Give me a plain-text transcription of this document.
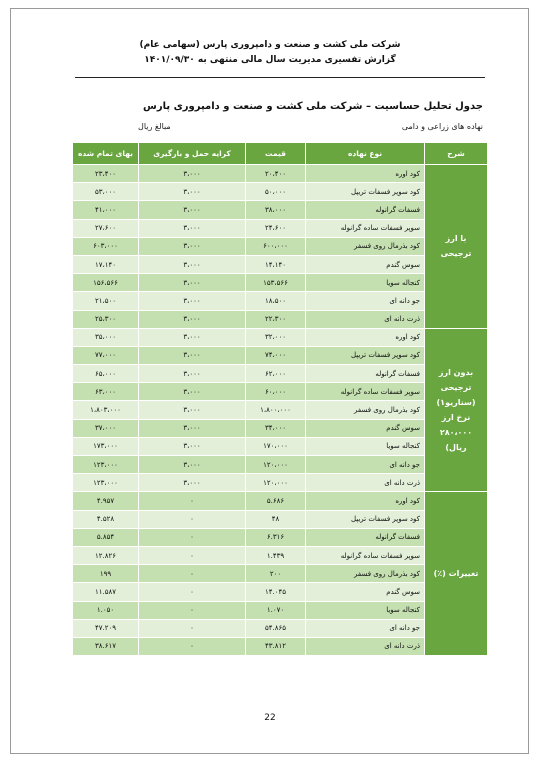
شرکت ملی کشت و صنعت و دامپروری پارس (سهامی عام)
گزارش تفسیری مدیریت سال مالی منتهی به ۱۴۰۱/۰۹/۳۰
جدول تحلیل حساسیت – شرکت ملی کشت و صنعت و دامپروری پارس
نهاده های زراعی و دامی
مبالغ ریال
شرح	نوع نهاده	قیمت	کرایه حمل و بارگیری	بهای تمام شده
با ارز ترجیحی	کود اوره	۲۰،۴۰۰	۳،۰۰۰	۲۳،۴۰۰
	کود سوپر فسفات تریپل	۵۰،۰۰۰	۳،۰۰۰	۵۳،۰۰۰
	فسفات گرانوله	۳۸،۰۰۰	۳،۰۰۰	۴۱،۰۰۰
	سوپر فسفات ساده گرانوله	۲۴،۶۰۰	۳،۰۰۰	۲۷،۶۰۰
	کود بذرمال روی فسفر	۶۰۰،۰۰۰	۳،۰۰۰	۶۰۳،۰۰۰
	سوس گندم	۱۴،۱۴۰	۳،۰۰۰	۱۷،۱۴۰
	کنجاله سویا	۱۵۳،۵۶۶	۳،۰۰۰	۱۵۶،۵۶۶
	جو دانه ای	۱۸،۵۰۰	۳،۰۰۰	۲۱،۵۰۰
	ذرت دانه ای	۲۲،۳۰۰	۳،۰۰۰	۲۵،۳۰۰
بدون ارز ترجیحی (سناریو۱) نرخ ارز ۲۸۰،۰۰۰ ریال)	کود اوره	۳۲،۰۰۰	۳،۰۰۰	۳۵،۰۰۰
	کود سوپر فسفات تریپل	۷۴،۰۰۰	۳،۰۰۰	۷۷،۰۰۰
	فسفات گرانوله	۶۲،۰۰۰	۳،۰۰۰	۶۵،۰۰۰
	سوپر فسفات ساده گرانوله	۶۰،۰۰۰	۳،۰۰۰	۶۳،۰۰۰
	کود بذرمال روی فسفر	۱،۸۰۰،۰۰۰	۳،۰۰۰	۱،۸۰۳،۰۰۰
	سوس گندم	۳۴،۰۰۰	۳،۰۰۰	۳۷،۰۰۰
	کنجاله سویا	۱۷۰،۰۰۰	۳،۰۰۰	۱۷۳،۰۰۰
	جو دانه ای	۱۲۰،۰۰۰	۳،۰۰۰	۱۲۳،۰۰۰
	ذرت دانه ای	۱۲۰،۰۰۰	۳،۰۰۰	۱۲۳،۰۰۰
تغییرات (٪)	کود اوره	۵.۶۸۶	۰	۴.۹۵۷
	کود سوپر فسفات تریپل	۴۸	۰	۴.۵۲۸
	فسفات گرانوله	۶.۳۱۶	۰	۵.۸۵۴
	سوپر فسفات ساده گرانوله	۱.۴۳۹	۰	۱۲.۸۲۶
	کود بذرمال روی فسفر	۲۰۰	۰	۱۹۹
	سوس گندم	۱۴.۰۴۵	۰	۱۱.۵۸۷
	کنجاله سویا	۱.۰۷۰	۰	۱.۰۵۰
	جو دانه ای	۵۴.۸۶۵	۰	۴۷.۲۰۹
	ذرت دانه ای	۴۳.۸۱۲	۰	۳۸.۶۱۷
22
